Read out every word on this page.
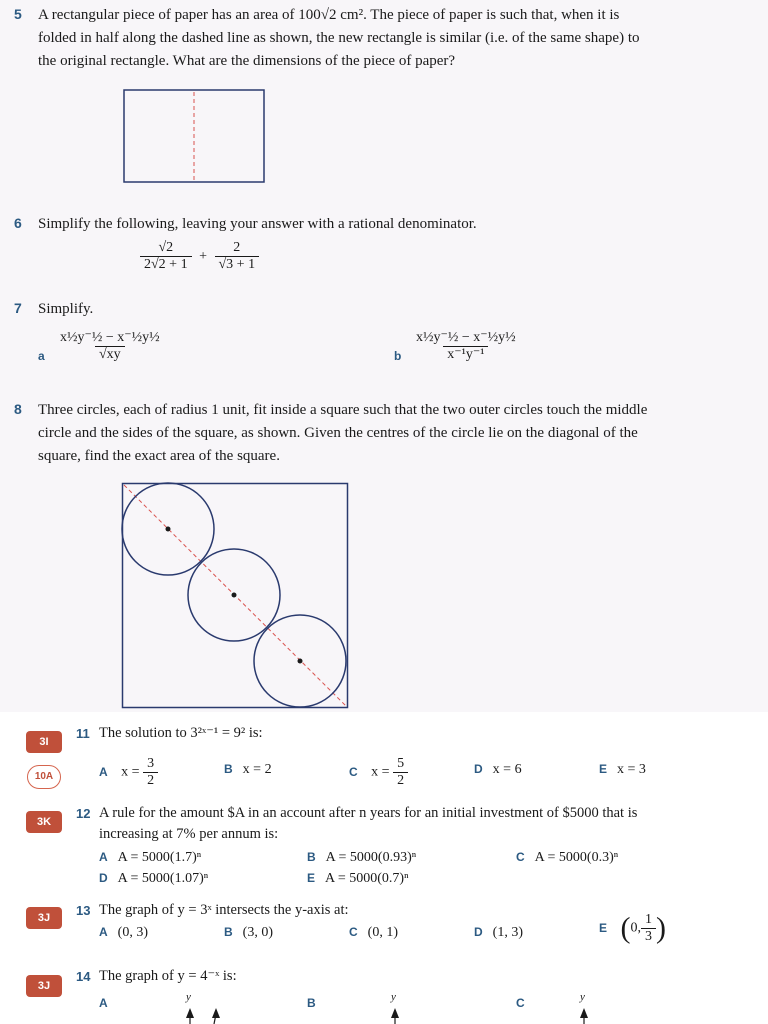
5 A rectangular piece of paper has an area of 100√2 cm². The piece of paper is such that, when it is
folded in half along the dashed line as shown, the new rectangle is similar (i.e. of the same shape) to
the original rectangle. What are the dimensions of the piece of paper?
6 Simplify the following, leaving your answer with a rational denominator.
$\frac{√2}{2√2 + 1} + \frac{2}{√3 + 1}$
7 Simplify.
a $\frac{\text{x½y⁻½ − x⁻½y½}}{√xy}$	b $\frac{\text{x½y⁻½ − x⁻½y½}}{\text{x⁻¹y⁻¹}}$
8 Three circles, each of radius 1 unit, fit inside a square such that the two outer circles touch the middle
circle and the sides of the square, as shown. Given the centres of the circle lie on the diagonal of the
square, find the exact area of the square.
3I
10A
11 The solution to 3²ˣ⁻¹ = 9² is:
A $x = \frac{3}{2}$	B x = 2	C $x = \frac{5}{2}$	D x = 6	E x = 3
3K
12 A rule for the amount $A in an account after n years for an initial investment of $5000 that is
increasing at 7% per annum is:
A A = 5000(1.7)ⁿ	B A = 5000(0.93)ⁿ	C A = 5000(0.3)ⁿ
D A = 5000(1.07)ⁿ	E A = 5000(0.7)ⁿ
3J	13 The graph of y = 3ˣ intersects the y-axis at:
A (0, 3)	B (3, 0)	C (0, 1)	D (1, 3)	E (0, $\frac{1}{3}$ )
3J
14 The graph of y = 4⁻ˣ is:
A	y	B	y	C	y
